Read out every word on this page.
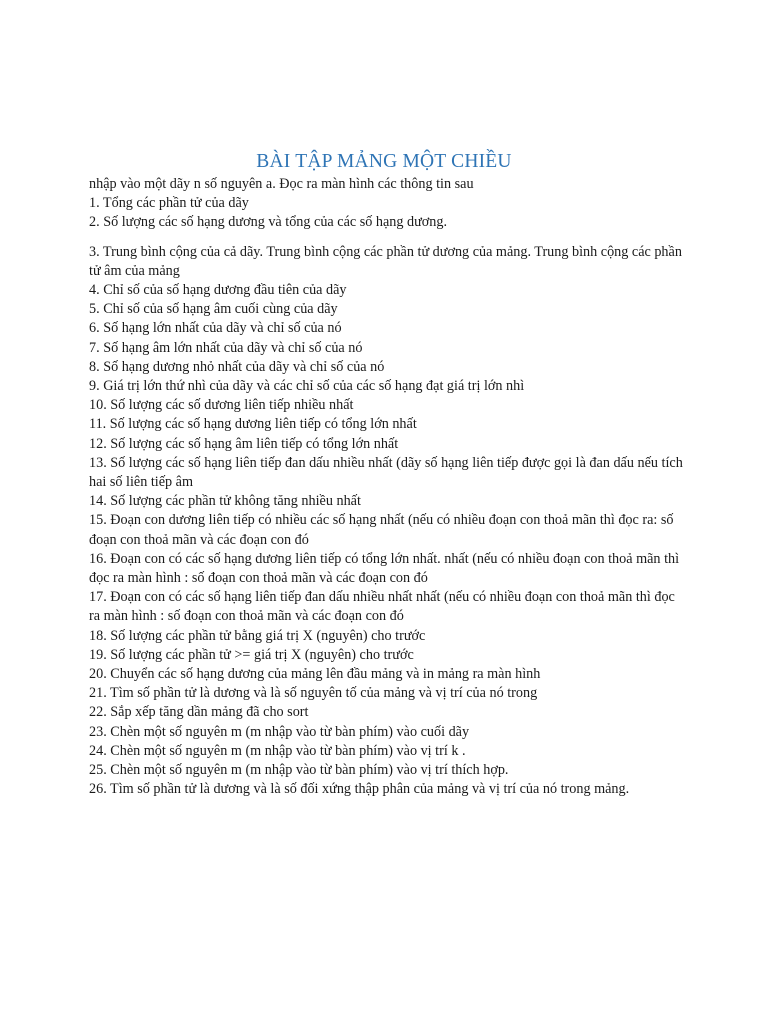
BÀI TẬP MẢNG MỘT CHIỀU

nhập vào một dãy n số nguyên a. Đọc ra màn hình các thông tin sau

1. Tổng các phần tử của dãy

2. Số lượng các số hạng dương và tổng của các số hạng dương.

3. Trung bình cộng của cả dãy. Trung bình cộng các phần tử dương của mảng. Trung bình cộng các phần tử âm của mảng

4. Chỉ số của số hạng dương đầu tiên của dãy

5. Chỉ số của số hạng âm cuối cùng của dãy

6. Số hạng lớn nhất của dãy và chỉ số của nó

7. Số hạng âm lớn nhất của dãy và chỉ số của nó

8. Số hạng dương nhỏ nhất của dãy và chỉ số của nó

9. Giá trị lớn thứ nhì của dãy và các chỉ số của các số hạng đạt giá trị lớn nhì

10. Số lượng các số dương liên tiếp nhiều nhất

11. Số lượng các số hạng dương liên tiếp có tổng lớn nhất

12. Số lượng các số hạng âm liên tiếp có tổng lớn nhất

13. Số lượng các số hạng liên tiếp đan dấu nhiều nhất (dãy số hạng liên tiếp được gọi là đan dấu nếu tích hai số liên tiếp âm

14. Số lượng các phần tử không tăng nhiều nhất

15. Đoạn con dương liên tiếp có nhiều các số hạng nhất (nếu có nhiều đoạn con thoả mãn thì đọc ra: số đoạn con thoả mãn và các đoạn con đó

16. Đoạn con có các số hạng dương liên tiếp có tổng lớn nhất. nhất (nếu có nhiều đoạn con thoả mãn thì đọc ra màn hình : số đoạn con thoả mãn và các đoạn con đó

17. Đoạn con có các số hạng liên tiếp đan dấu nhiều nhất nhất (nếu có nhiều đoạn con thoả mãn thì đọc ra màn hình : số đoạn con thoả mãn và các đoạn con đó

18. Số lượng các phần tử bằng giá trị X (nguyên) cho trước

19. Số lượng các phần tử >= giá trị X (nguyên) cho trước

20. Chuyển các số hạng dương của mảng lên đầu mảng và in mảng ra màn hình

21. Tìm số phần tử là dương và là số nguyên tố của mảng và vị trí của nó trong

22. Sắp xếp tăng dần mảng đã cho sort

23. Chèn một số nguyên m (m nhập vào từ bàn phím) vào cuối dãy

24. Chèn một số nguyên m (m nhập vào từ bàn phím) vào vị trí k .

25. Chèn một số nguyên m (m nhập vào từ bàn phím) vào vị trí thích hợp.

26. Tìm số phần tử là dương và là số đối xứng thập phân của mảng và vị trí của nó trong mảng.
